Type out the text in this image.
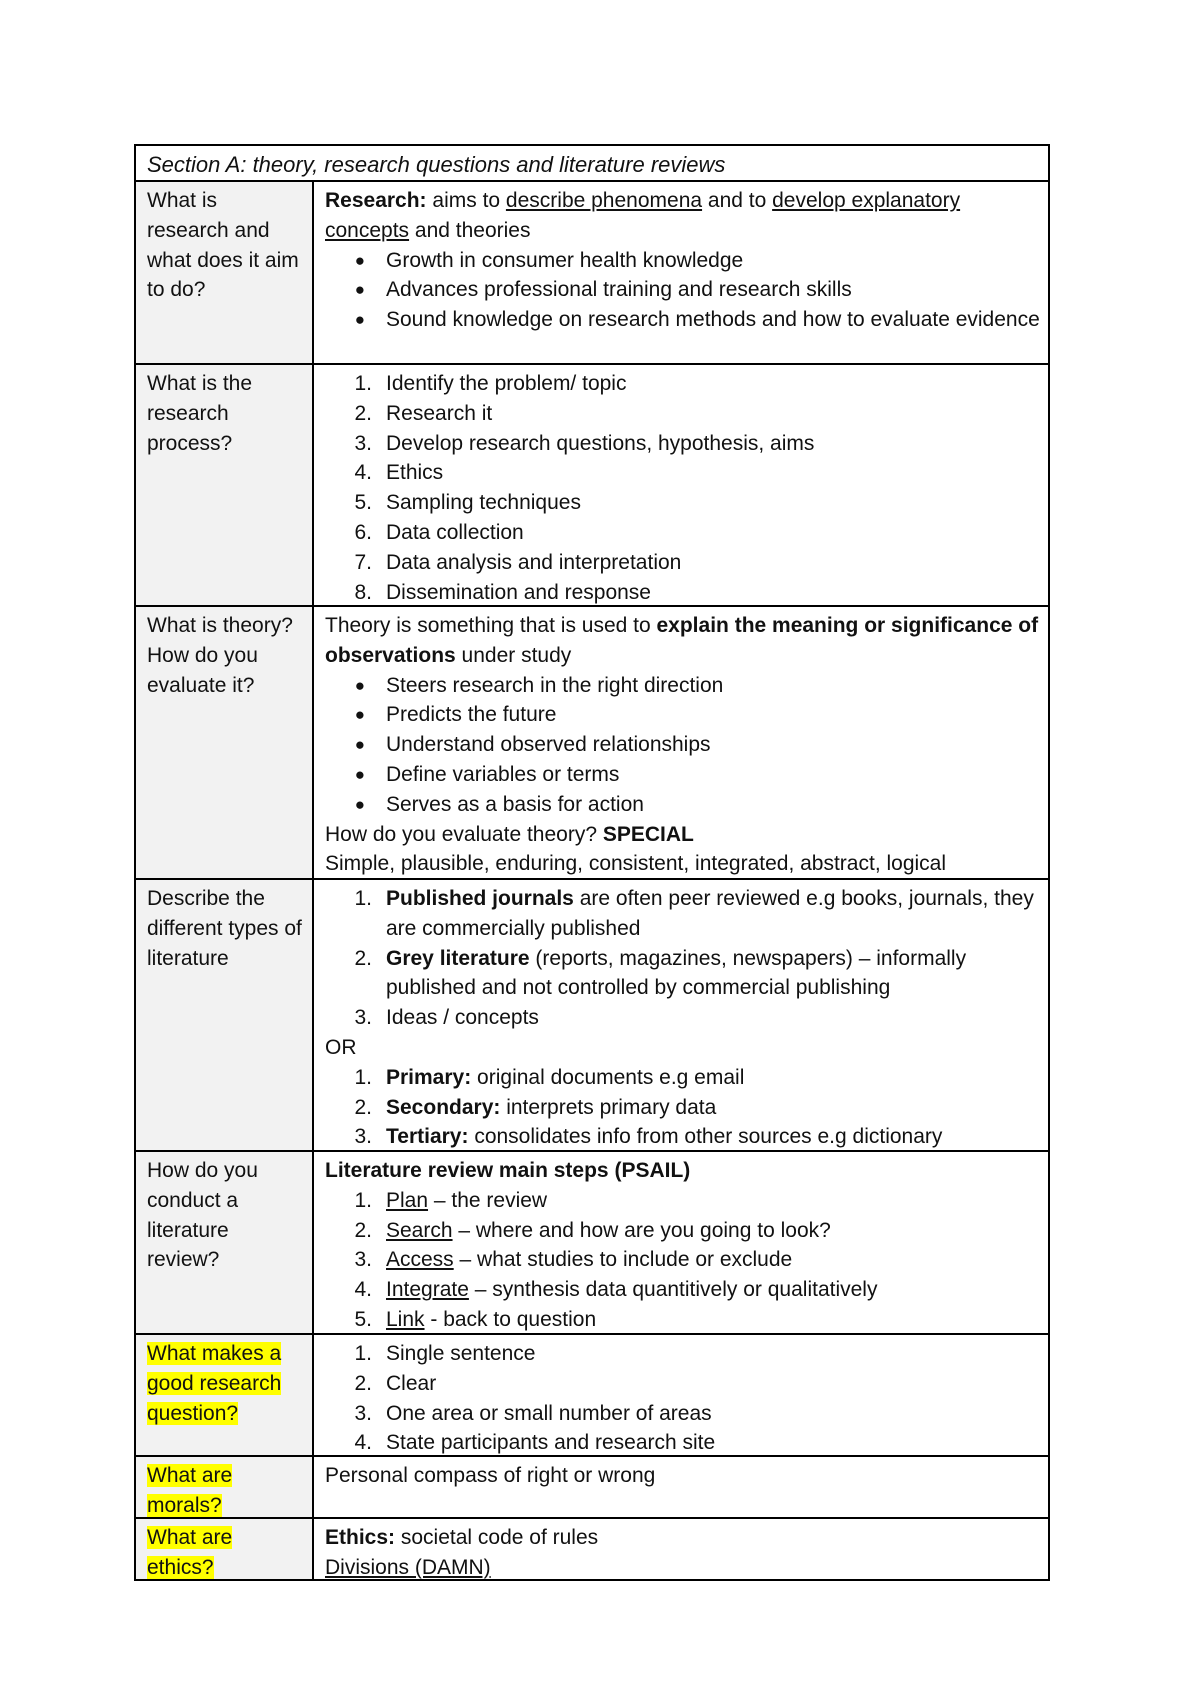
Section A: theory, research questions and literature reviews
What is research and what does it aim to do?
Research: aims to describe phenomena and to develop explanatory
concepts and theories
●	Growth in consumer health knowledge
●	Advances professional training and research skills
●	Sound knowledge on research methods and how to evaluate evidence
What is the research process?
1. Identify the problem/ topic
2. Research it
3. Develop research questions, hypothesis, aims
4. Ethics
5. Sampling techniques
6. Data collection
7. Data analysis and interpretation
8. Dissemination and response
What is theory? How do you evaluate it?
Theory is something that is used to explain the meaning or significance of observations under study
●	Steers research in the right direction
●	Predicts the future
●	Understand observed relationships
●	Define variables or terms
●	Serves as a basis for action
How do you evaluate theory? SPECIAL
Simple, plausible, enduring, consistent, integrated, abstract, logical
Describe the different types of literature
1. Published journals are often peer reviewed e.g books, journals, they are commercially published
2. Grey literature (reports, magazines, newspapers) – informally published and not controlled by commercial publishing
3. Ideas / concepts
OR
1. Primary: original documents e.g email
2. Secondary: interprets primary data
3. Tertiary: consolidates info from other sources e.g dictionary
How do you conduct a literature review?
Literature review main steps (PSAIL)
1. Plan – the review
2. Search – where and how are you going to look?
3. Access – what studies to include or exclude
4. Integrate – synthesis data quantitively or qualitatively
5. Link - back to question
What makes a good research question?
1. Single sentence
2. Clear
3. One area or small number of areas
4. State participants and research site
What are morals?
Personal compass of right or wrong
What are ethics?
Ethics: societal code of rules
Divisions (DAMN)
